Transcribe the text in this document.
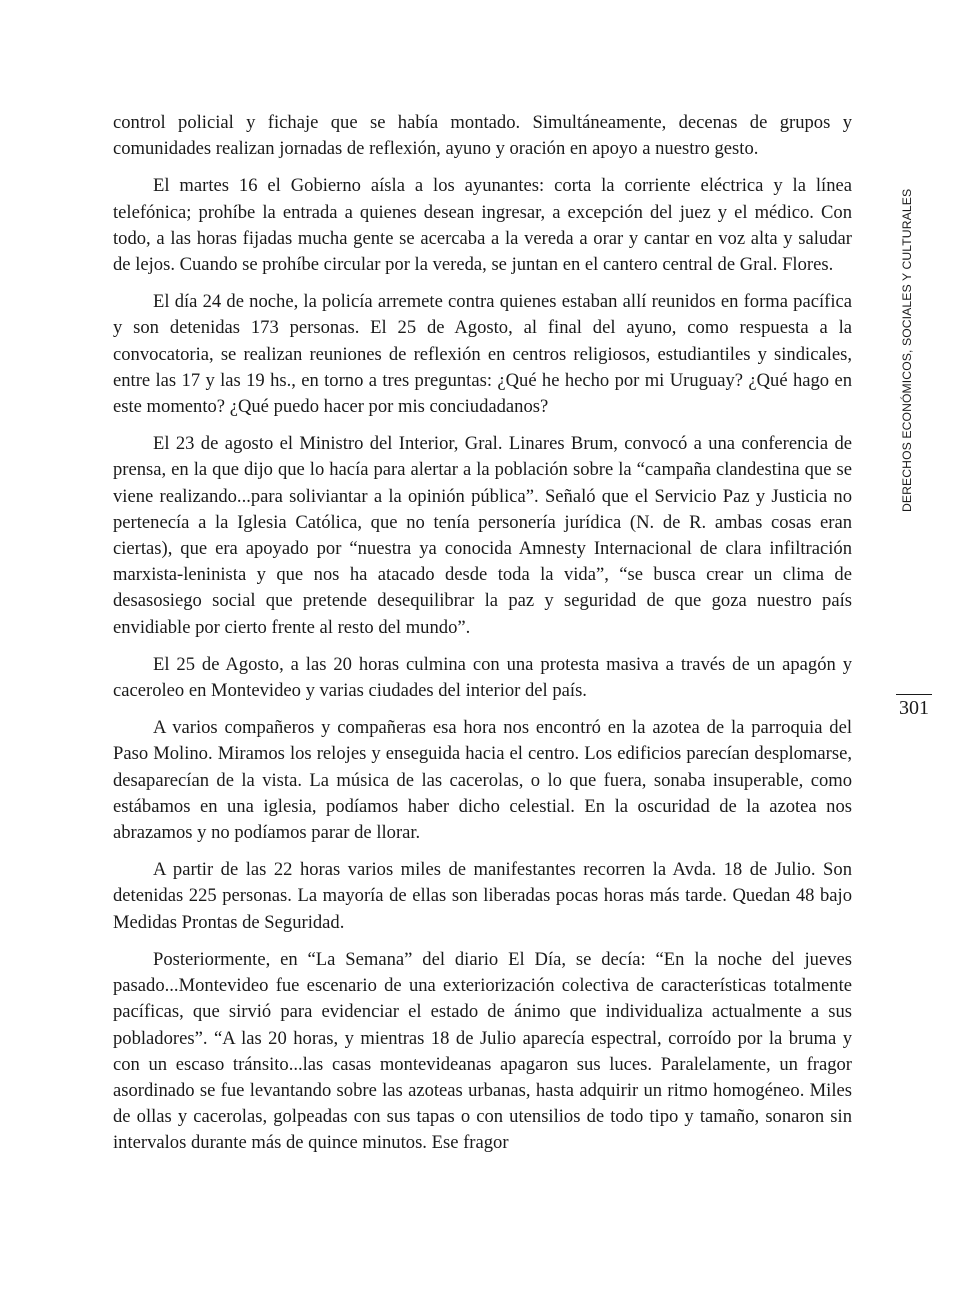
control policial y fichaje que se había montado. Simultáneamente, decenas de grupos y comunidades realizan jornadas de reflexión, ayuno y oración en apoyo a nuestro gesto.

El martes 16 el Gobierno aísla a los ayunantes: corta la corriente eléctrica y la línea telefónica; prohíbe la entrada a quienes desean ingresar, a excepción del juez y el médico. Con todo, a las horas fijadas mucha gente se acercaba a la vereda a orar y cantar en voz alta y saludar de lejos. Cuando se prohíbe circular por la vereda, se juntan en el cantero central de Gral. Flores.

El día 24 de noche, la policía arremete contra quienes estaban allí reunidos en forma pacífica y son detenidas 173 personas. El 25 de Agosto, al final del ayuno, como respuesta a la convocatoria, se realizan reuniones de reflexión en centros religiosos, estudiantiles y sindicales, entre las 17 y las 19 hs., en torno a tres preguntas: ¿Qué he hecho por mi Uruguay? ¿Qué hago en este momento? ¿Qué puedo hacer por mis conciudadanos?

El 23 de agosto el Ministro del Interior, Gral. Linares Brum, convocó a una conferencia de prensa, en la que dijo que lo hacía para alertar a la población sobre la “campaña clandestina que se viene realizando...para soliviantar a la opinión pública”. Señaló que el Servicio Paz y Justicia no pertenecía a la Iglesia Católica, que no tenía personería jurídica (N. de R. ambas cosas eran ciertas), que era apoyado por “nuestra ya conocida Amnesty Internacional de clara infiltración marxista-leninista y que nos ha atacado desde toda la vida”, “se busca crear un clima de desasosiego social que pretende desequilibrar la paz y seguridad de que goza nuestro país envidiable por cierto frente al resto del mundo”.

El 25 de Agosto, a las 20 horas culmina con una protesta masiva a través de un apagón y caceroleo en Montevideo y varias ciudades del interior del país.

A varios compañeros y compañeras esa hora nos encontró en la azotea de la parroquia del Paso Molino. Miramos los relojes y enseguida hacia el centro. Los edificios parecían desplomarse, desaparecían de la vista. La música de las cacerolas, o lo que fuera, sonaba insuperable, como estábamos en una iglesia, podíamos haber dicho celestial. En la oscuridad de la azotea nos abrazamos y no podíamos parar de llorar.

A partir de las 22 horas varios miles de manifestantes recorren la Avda. 18 de Julio. Son detenidas 225 personas. La mayoría de ellas son liberadas pocas horas más tarde. Quedan 48 bajo Medidas Prontas de Seguridad.

Posteriormente, en “La Semana” del diario El Día, se decía: “En la noche del jueves pasado...Montevideo fue escenario de una exteriorización colectiva de características totalmente pacíficas, que sirvió para evidenciar el estado de ánimo que individualiza actualmente a sus pobladores”. “A las 20 horas, y mientras 18 de Julio aparecía espectral, corroído por la bruma y con un escaso tránsito...las casas montevideanas apagaron sus luces. Paralelamente, un fragor asordinado se fue levantando sobre las azoteas urbanas, hasta adquirir un ritmo homogéneo. Miles de ollas y cacerolas, golpeadas con sus tapas o con utensilios de todo tipo y tamaño, sonaron sin intervalos durante más de quince minutos. Ese fragor

DERECHOS ECONÓMICOS, SOCIALES Y CULTURALES
301
